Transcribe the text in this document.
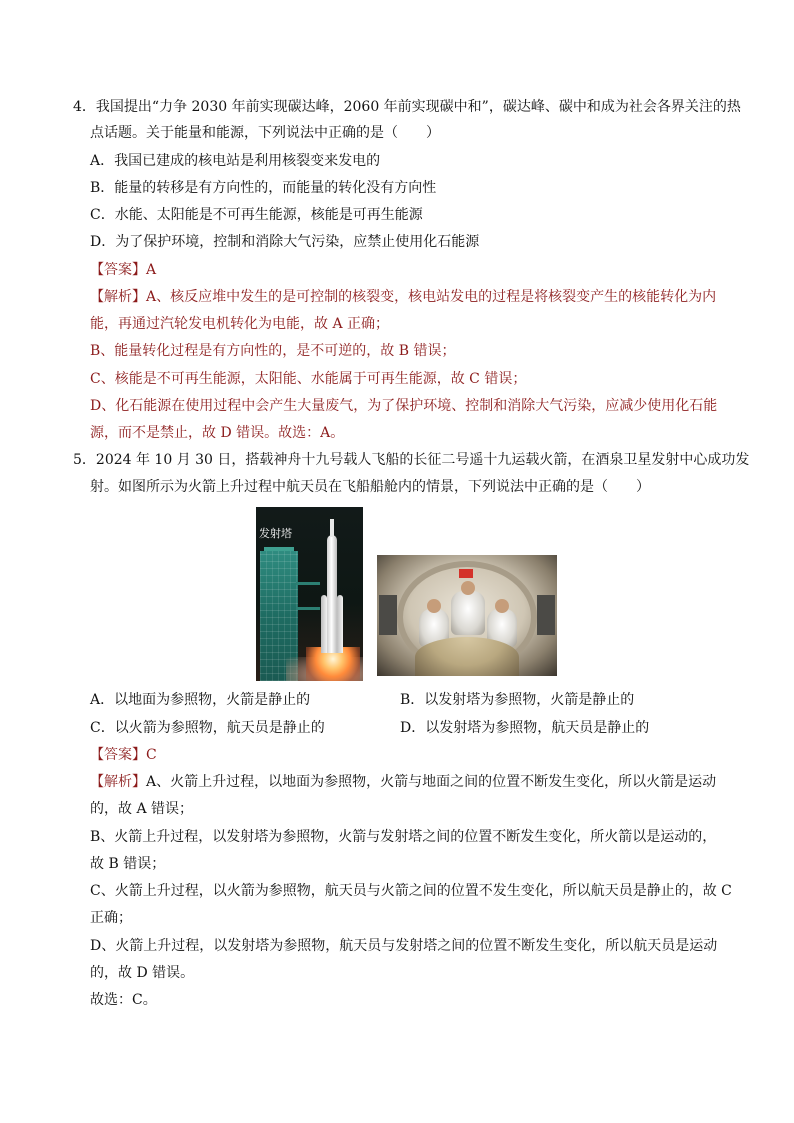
4．我国提出“力争 2030 年前实现碳达峰，2060 年前实现碳中和”，碳达峰、碳中和成为社会各界关注的热
点话题。关于能量和能源，下列说法中正确的是（　　）
A．我国已建成的核电站是利用核裂变来发电的
B．能量的转移是有方向性的，而能量的转化没有方向性
C．水能、太阳能是不可再生能源，核能是可再生能源
D．为了保护环境，控制和消除大气污染，应禁止使用化石能源
【答案】A
【解析】A、核反应堆中发生的是可控制的核裂变，核电站发电的过程是将核裂变产生的核能转化为内
能，再通过汽轮发电机转化为电能，故 A 正确；
B、能量转化过程是有方向性的，是不可逆的，故 B 错误；
C、核能是不可再生能源，太阳能、水能属于可再生能源，故 C 错误；
D、化石能源在使用过程中会产生大量废气，为了保护环境、控制和消除大气污染，应减少使用化石能
源，而不是禁止，故 D 错误。故选：A。
5．2024 年 10 月 30 日，搭载神舟十九号载人飞船的长征二号遥十九运载火箭，在酒泉卫星发射中心成功发
射。如图所示为火箭上升过程中航天员在飞船船舱内的情景，下列说法中正确的是（　　）
发射塔
A．以地面为参照物，火箭是静止的	B．以发射塔为参照物，火箭是静止的
C．以火箭为参照物，航天员是静止的	D．以发射塔为参照物，航天员是静止的
【答案】C
【解析】A、火箭上升过程，以地面为参照物，火箭与地面之间的位置不断发生变化，所以火箭是运动
的，故 A 错误；
B、火箭上升过程，以发射塔为参照物，火箭与发射塔之间的位置不断发生变化，所火箭以是运动的，
故 B 错误；
C、火箭上升过程，以火箭为参照物，航天员与火箭之间的位置不发生变化，所以航天员是静止的，故 C
正确；
D、火箭上升过程，以发射塔为参照物，航天员与发射塔之间的位置不断发生变化，所以航天员是运动
的，故 D 错误。
故选：C。
